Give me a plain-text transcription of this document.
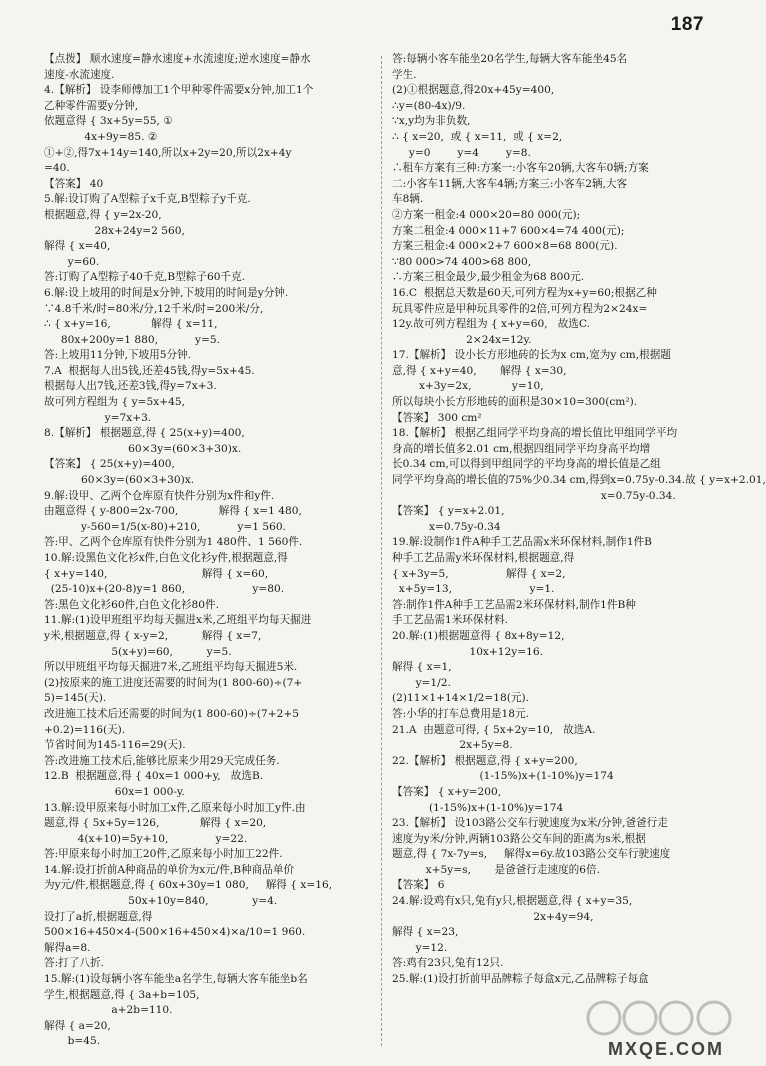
187
【点拨】 顺水速度=静水速度+水流速度;逆水速度=静水
速度-水流速度.
4.【解析】 设李师傅加工1个甲种零件需要x分钟,加工1个
乙种零件需要y分钟,
依题意得 { 3x+5y=55, ①
4x+9y=85. ②
①+②,得7x+14y=140,所以x+2y=20,所以2x+4y
=40.
【答案】 40
5.解:设订购了A型粽子x千克,B型粽子y千克.
根据题意,得 { y=2x-20,
28x+24y=2 560,
解得 { x=40,
y=60.
答:订购了A型粽子40千克,B型粽子60千克.
6.解:设上坡用的时间是x分钟,下坡用的时间是y分钟.
∵4.8千米/时=80米/分,12千米/时=200米/分,
∴ { x+y=16,            解得 { x=11,
80x+200y=1 880,           y=5.
答:上坡用11分钟,下坡用5分钟.
7.A  根据每人出5钱,还差45钱,得y=5x+45.
根据每人出7钱,还差3钱,得y=7x+3.
故可列方程组为 { y=5x+45,
y=7x+3.
8.【解析】 根据题意,得 { 25(x+y)=400,
60×3y=(60×3+30)x.
【答案】 { 25(x+y)=400,
60×3y=(60×3+30)x.
9.解:设甲、乙两个仓库原有快件分别为x件和y件.
由题意得 { y-800=2x-700,            解得 { x=1 480,
y-560=1/5(x-80)+210,           y=1 560.
答:甲、乙两个仓库原有快件分别为1 480件、1 560件.
10.解:设黑色文化衫x件,白色文化衫y件,根据题意,得
{ x+y=140,                            解得 { x=60,
(25-10)x+(20-8)y=1 860,                    y=80.
答:黑色文化衫60件,白色文化衫80件.
11.解:(1)设甲班组平均每天掘进x米,乙班组平均每天掘进
y米,根据题意,得 { x-y=2,          解得 { x=7,
5(x+y)=60,          y=5.
所以甲班组平均每天掘进7米,乙班组平均每天掘进5米.
(2)按原来的施工进度还需要的时间为(1 800-60)÷(7+
5)=145(天).
改进施工技术后还需要的时间为(1 800-60)÷(7+2+5
+0.2)=116(天).
节省时间为145-116=29(天).
答:改进施工技术后,能够比原来少用29天完成任务.
12.B  根据题意,得 { 40x=1 000+y,   故选B.
60x=1 000-y.
13.解:设甲原来每小时加工x件,乙原来每小时加工y件.由
题意,得 { 5x+5y=126,            解得 { x=20,
4(x+10)=5y+10,              y=22.
答:甲原来每小时加工20件,乙原来每小时加工22件.
14.解:设打折前A种商品的单价为x元/件,B种商品单价
为y元/件,根据题意,得 { 60x+30y=1 080,     解得 { x=16,
50x+10y=840,             y=4.
设打了a折,根据题意,得
500×16+450×4-(500×16+450×4)×a/10=1 960.
解得a=8.
答:打了八折.
15.解:(1)设每辆小客车能坐a名学生,每辆大客车能坐b名
学生,根据题意,得 { 3a+b=105,
a+2b=110.
解得 { a=20,
b=45.
答:每辆小客车能坐20名学生,每辆大客车能坐45名
学生.
(2)①根据题意,得20x+45y=400,
∴y=(80-4x)/9.
∵x,y均为非负数,
∴ { x=20,  或 { x=11,  或 { x=2,
y=0        y=4        y=8.
∴租车方案有三种:方案一:小客车20辆,大客车0辆;方案
二:小客车11辆,大客车4辆;方案三:小客车2辆,大客
车8辆.
②方案一租金:4 000×20=80 000(元);
方案二租金:4 000×11+7 600×4=74 400(元);
方案三租金:4 000×2+7 600×8=68 800(元).
∵80 000>74 400>68 800,
∴方案三租金最少,最少租金为68 800元.
16.C  根据总天数是60天,可列方程为x+y=60;根据乙种
玩具零件应是甲种玩具零件的2倍,可列方程为2×24x=
12y.故可列方程组为 { x+y=60,   故选C.
2×24x=12y.
17.【解析】 设小长方形地砖的长为x cm,宽为y cm,根据题
意,得 { x+y=40,       解得 { x=30,
x+3y=2x,            y=10,
所以每块小长方形地砖的面积是30×10=300(cm²).
【答案】 300 cm²
18.【解析】 根据乙组同学平均身高的增长值比甲组同学平均
身高的增长值多2.01 cm,根据四组同学平均身高平均增
长0.34 cm,可以得到甲组同学的平均身高的增长值是乙组
同学平均身高的增长值的75%少0.34 cm,得到x=0.75y-0.34.故 { y=x+2.01,
x=0.75y-0.34.
【答案】 { y=x+2.01,
x=0.75y-0.34
19.解:设制作1件A种手工艺品需x米环保材料,制作1件B
种手工艺品需y米环保材料,根据题意,得
{ x+3y=5,                 解得 { x=2,
x+5y=13,                       y=1.
答:制作1件A种手工艺品需2米环保材料,制作1件B种
手工艺品需1米环保材料.
20.解:(1)根据题意得 { 8x+8y=12,
10x+12y=16.
解得 { x=1,
y=1/2.
(2)11×1+14×1/2=18(元).
答:小华的打车总费用是18元.
21.A  由题意可得, { 5x+2y=10,   故选A.
2x+5y=8.
22.【解析】 根据题意,得 { x+y=200,
(1-15%)x+(1-10%)y=174
【答案】 { x+y=200,
(1-15%)x+(1-10%)y=174
23.【解析】 设103路公交车行驶速度为x米/分钟,爸爸行走
速度为y米/分钟,两辆103路公交车间的距离为s米,根据
题意,得 { 7x-7y=s,     解得x=6y.故103路公交车行驶速度
x+5y=s,       是爸爸行走速度的6倍.
【答案】 6
24.解:设鸡有x只,兔有y只,根据题意,得 { x+y=35,
2x+4y=94,
解得 { x=23,
y=12.
答:鸡有23只,兔有12只.
25.解:(1)设打折前甲品牌粽子每盒x元,乙品牌粽子每盒
MXQE.COM
